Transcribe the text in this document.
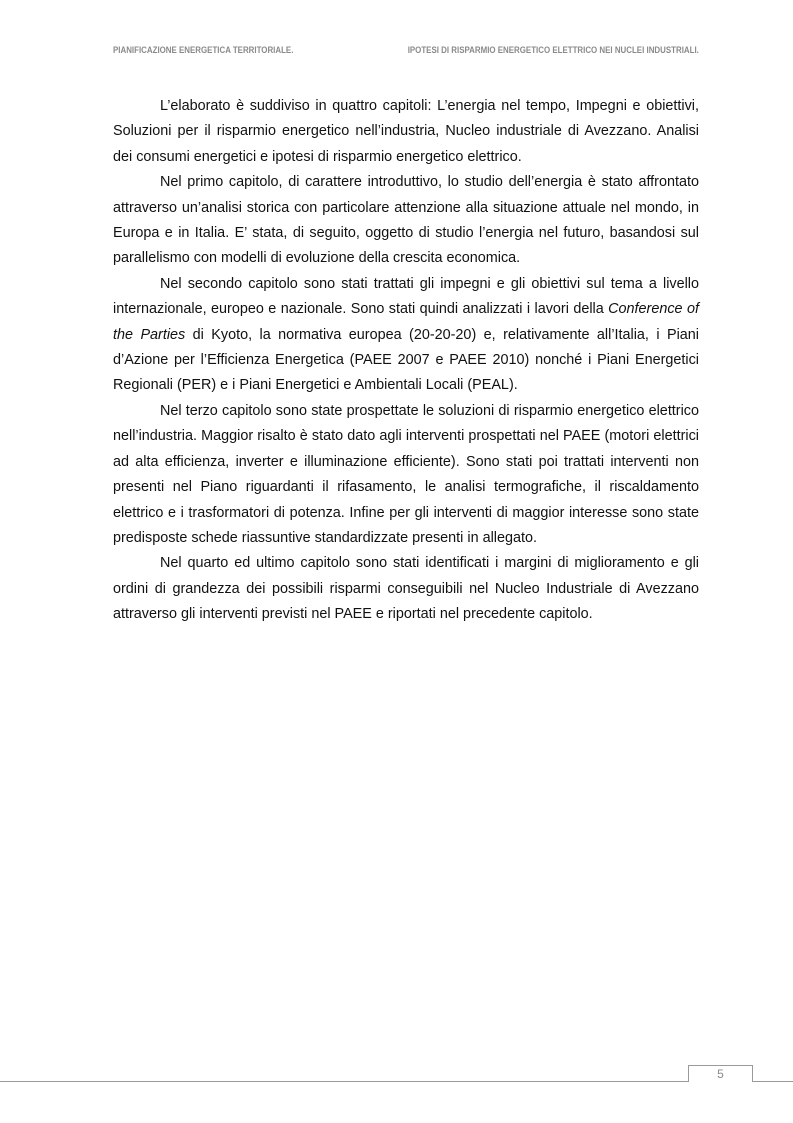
PIANIFICAZIONE ENERGETICA TERRITORIALE.	IPOTESI DI RISPARMIO ENERGETICO ELETTRICO NEI NUCLEI INDUSTRIALI.

L’elaborato è suddiviso in quattro capitoli: L’energia nel tempo, Impegni e obiettivi, Soluzioni per il risparmio energetico nell’industria, Nucleo industriale di Avezzano. Analisi dei consumi energetici e ipotesi di risparmio energetico elettrico.

Nel primo capitolo, di carattere introduttivo, lo studio dell’energia è stato affrontato attraverso un’analisi storica con particolare attenzione alla situazione attuale nel mondo, in Europa e in Italia. E’ stata, di seguito, oggetto di studio l’energia nel futuro, basandosi sul parallelismo con modelli di evoluzione della crescita economica.

Nel secondo capitolo sono stati trattati gli impegni e gli obiettivi sul tema a livello internazionale, europeo e nazionale. Sono stati quindi analizzati i lavori della Conference of the Parties di Kyoto, la normativa europea (20-20-20) e, relativamente all’Italia, i Piani d’Azione per l’Efficienza Energetica (PAEE 2007 e PAEE 2010) nonché i Piani Energetici Regionali (PER) e i Piani Energetici e Ambientali Locali (PEAL).

Nel terzo capitolo sono state prospettate le soluzioni di risparmio energetico elettrico nell’industria. Maggior risalto è stato dato agli interventi prospettati nel PAEE (motori elettrici ad alta efficienza, inverter e illuminazione efficiente). Sono stati poi trattati interventi non presenti nel Piano riguardanti il rifasamento, le analisi termografiche, il riscaldamento elettrico e i trasformatori di potenza. Infine per gli interventi di maggior interesse sono state predisposte schede riassuntive standardizzate presenti in allegato.

Nel quarto ed ultimo capitolo sono stati identificati i margini di miglioramento e gli ordini di grandezza dei possibili risparmi conseguibili nel Nucleo Industriale di Avezzano attraverso gli interventi previsti nel PAEE e riportati nel precedente capitolo.

5
